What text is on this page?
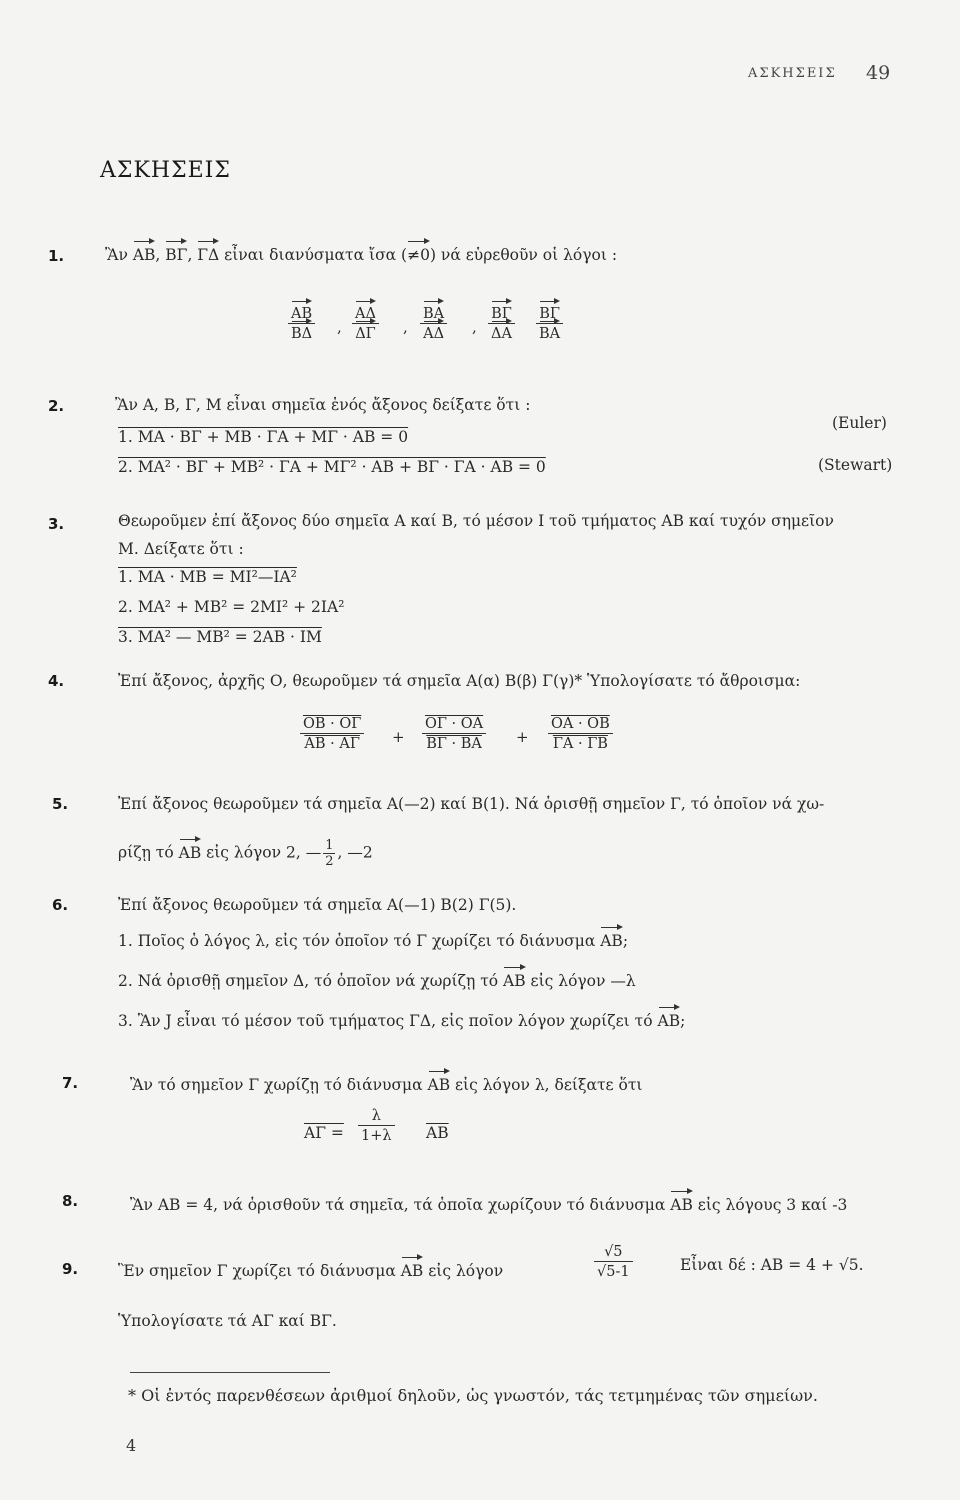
ΑΣΚΗΣΕΙΣ 49
ΑΣΚΗΣΕΙΣ
1.	Ἂν ΑΒ, ΒΓ, ΓΔ εἶναι διανύσματα ἴσα (≠0) νά εὑρεθοῦν οἱ λόγοι :
$\frac{AB}{B\Delta}$ , $\frac{A\Delta}{\Delta\Gamma}$ , $\frac{BA}{A\Delta}$ , $\frac{B\Gamma}{\Delta A} \frac{B\Gamma}{BA}$
2.	Ἂν Α, Β, Γ, Μ εἶναι σημεῖα ἑνός ἄξονος δείξατε ὅτι :
1. ΜΑ · ΒΓ + ΜΒ · ΓΑ + ΜΓ · ΑΒ = 0
(Euler)
2. ΜΑ² · ΒΓ + ΜΒ² · ΓΑ + ΜΓ² · ΑΒ + ΒΓ · ΓΑ · ΑΒ = 0	(Stewart)
3.	Θεωροῦμεν ἐπί ἄξονος δύο σημεῖα Α καί Β, τό μέσον Ι τοῦ τμήματος ΑΒ καί τυχόν σημεῖον
Μ. Δείξατε ὅτι :
1. ΜΑ · ΜΒ = ΜΙ²—ΙΑ²
2. ΜΑ² + ΜΒ² = 2ΜΙ² + 2ΙΑ²
3. ΜΑ² — ΜΒ² = 2ΑΒ · ΙΜ
4.	Ἐπί ἄξονος, ἀρχῆς Ο, θεωροῦμεν τά σημεῖα Α(α) Β(β) Γ(γ)* Ὑπολογίσατε τό ἄθροισμα:
$\frac{OB \cdot O\Gamma}{AB \cdot A\Gamma} + \frac{O\Gamma \cdot OA}{B\Gamma \cdot BA} + \frac{OA \cdot OB}{\Gamma A \cdot \Gamma B}$
5.	Ἐπί ἄξονος θεωροῦμεν τά σημεῖα Α(—2) καί Β(1). Νά ὁρισθῇ σημεῖον Γ, τό ὁποῖον νά χω-
ρίζῃ τό ΑΒ εἰς λόγον 2, — $\frac{1}{2}$ , —2
6.	Ἐπί ἄξονος θεωροῦμεν τά σημεῖα Α(—1) Β(2) Γ(5).
1. Ποῖος ὁ λόγος λ, εἰς τόν ὁποῖον τό Γ χωρίζει τό διάνυσμα ΑΒ;
2. Νά ὁρισθῇ σημεῖον Δ, τό ὁποῖον νά χωρίζῃ τό ΑΒ εἰς λόγον —λ
3. Ἂν J εἶναι τό μέσον τοῦ τμήματος ΓΔ, εἰς ποῖον λόγον χωρίζει τό ΑΒ;
7.	Ἂν τό σημεῖον Γ χωρίζῃ τό διάνυσμα ΑΒ εἰς λόγον λ, δείξατε ὅτι
$A\Gamma = \frac{\lambda}{1+\lambda} \overline{AB}$
8.	Ἂν ΑΒ = 4, νά ὁρισθοῦν τά σημεῖα, τά ὁποῖα χωρίζουν τό διάνυσμα ΑΒ εἰς λόγους 3 καί -3
9.	Ἓν σημεῖον Γ χωρίζει τό διάνυσμα ΑΒ εἰς λόγον	$\frac{√5}{√5-1}$	Εἶναι δέ : ΑΒ = 4 + √5.
Ὑπολογίσατε τά ΑΓ καί ΒΓ.
* Οἱ ἐντός παρενθέσεων ἀριθμοί δηλοῦν, ὡς γνωστόν, τάς τετμημένας τῶν σημείων.
4
